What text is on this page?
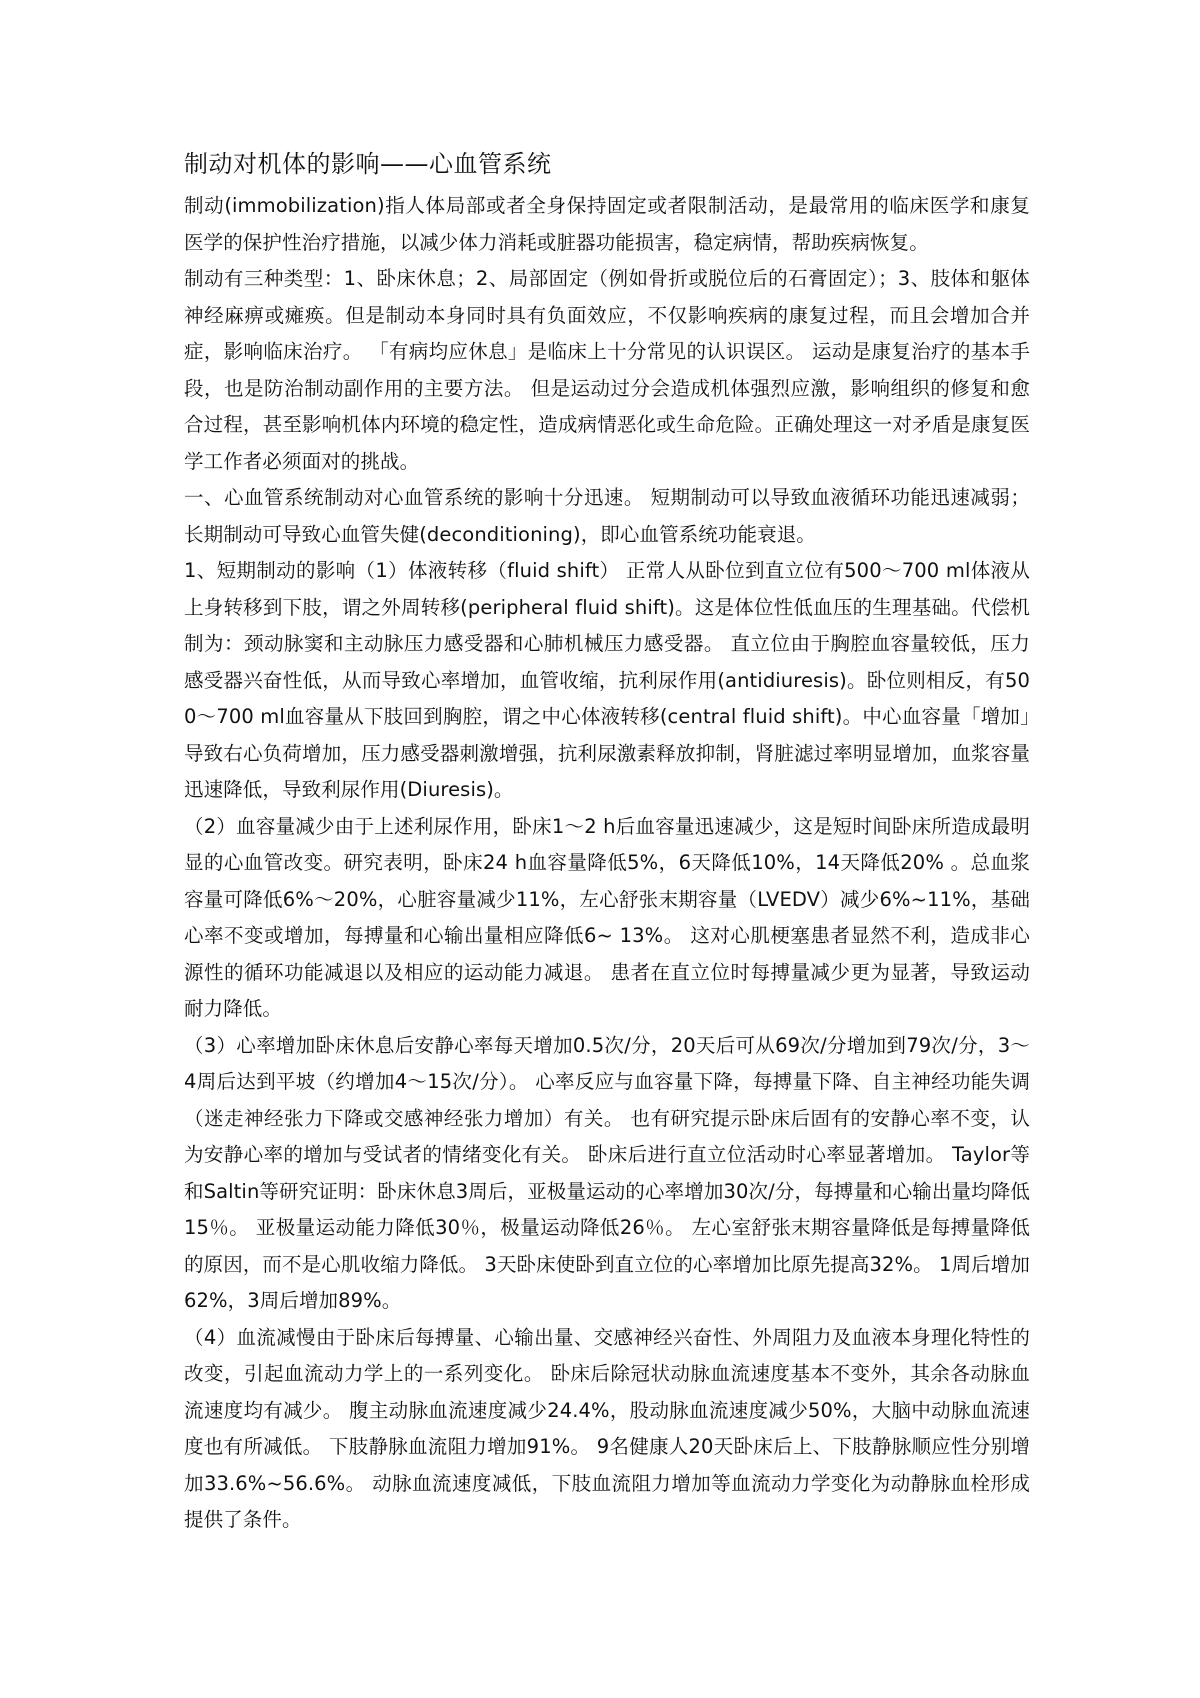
制动对机体的影响——心血管系统

制动(immobilization)指人体局部或者全身保持固定或者限制活动，是最常用的临床医学和康复医学的保护性治疗措施，以减少体力消耗或脏器功能损害，稳定病情，帮助疾病恢复。

制动有三种类型：1、卧床休息；2、局部固定（例如骨折或脱位后的石膏固定）；3、肢体和躯体神经麻痹或瘫痪。但是制动本身同时具有负面效应，不仅影响疾病的康复过程，而且会增加合并症，影响临床治疗。 「有病均应休息」是临床上十分常见的认识误区。 运动是康复治疗的基本手段，也是防治制动副作用的主要方法。 但是运动过分会造成机体强烈应激，影响组织的修复和愈合过程，甚至影响机体内环境的稳定性，造成病情恶化或生命危险。正确处理这一对矛盾是康复医学工作者必须面对的挑战。

一、心血管系统制动对心血管系统的影响十分迅速。 短期制动可以导致血液循环功能迅速减弱；长期制动可导致心血管失健(deconditioning)，即心血管系统功能衰退。

1、短期制动的影响（1）体液转移（fluid shift） 正常人从卧位到直立位有500～700 ml体液从上身转移到下肢，谓之外周转移(peripheral fluid shift)。这是体位性低血压的生理基础。代偿机制为：颈动脉窦和主动脉压力感受器和心肺机械压力感受器。 直立位由于胸腔血容量较低，压力感受器兴奋性低，从而导致心率增加，血管收缩，抗利尿作用(antidiuresis)。卧位则相反，有500～700 ml血容量从下肢回到胸腔，谓之中心体液转移(central fluid shift)。中心血容量「增加」导致右心负荷增加，压力感受器刺激增强，抗利尿激素释放抑制，肾脏滤过率明显增加，血浆容量迅速降低，导致利尿作用(Diuresis)。

（2）血容量减少由于上述利尿作用，卧床1～2 h后血容量迅速减少，这是短时间卧床所造成最明显的心血管改变。研究表明，卧床24 h血容量降低5%，6天降低10%，14天降低20% 。总血浆容量可降低6%～20%，心脏容量减少11%，左心舒张末期容量（LVEDV）减少6%~11%，基础心率不变或增加，每搏量和心输出量相应降低6~ 13%。 这对心肌梗塞患者显然不利，造成非心源性的循环功能减退以及相应的运动能力减退。 患者在直立位时每搏量减少更为显著，导致运动耐力降低。

（3）心率增加卧床休息后安静心率每天增加0.5次/分，20天后可从69次/分增加到79次/分，3～4周后达到平坡（约增加4～15次/分）。 心率反应与血容量下降，每搏量下降、自主神经功能失调（迷走神经张力下降或交感神经张力增加）有关。 也有研究提示卧床后固有的安静心率不变，认为安静心率的增加与受试者的情绪变化有关。 卧床后进行直立位活动时心率显著增加。 Taylor等和Saltin等研究证明：卧床休息3周后，亚极量运动的心率增加30次/分，每搏量和心输出量均降低15％。 亚极量运动能力降低30％，极量运动降低26％。 左心室舒张末期容量降低是每搏量降低的原因，而不是心肌收缩力降低。 3天卧床使卧到直立位的心率增加比原先提高32%。 1周后增加62%，3周后增加89%。

（4）血流减慢由于卧床后每搏量、心输出量、交感神经兴奋性、外周阻力及血液本身理化特性的改变，引起血流动力学上的一系列变化。 卧床后除冠状动脉血流速度基本不变外，其余各动脉血流速度均有减少。 腹主动脉血流速度减少24.4%，股动脉血流速度减少50%，大脑中动脉血流速度也有所减低。 下肢静脉血流阻力增加91%。 9名健康人20天卧床后上、下肢静脉顺应性分别增加33.6%~56.6%。 动脉血流速度减低，下肢血流阻力增加等血流动力学变化为动静脉血栓形成提供了条件。
